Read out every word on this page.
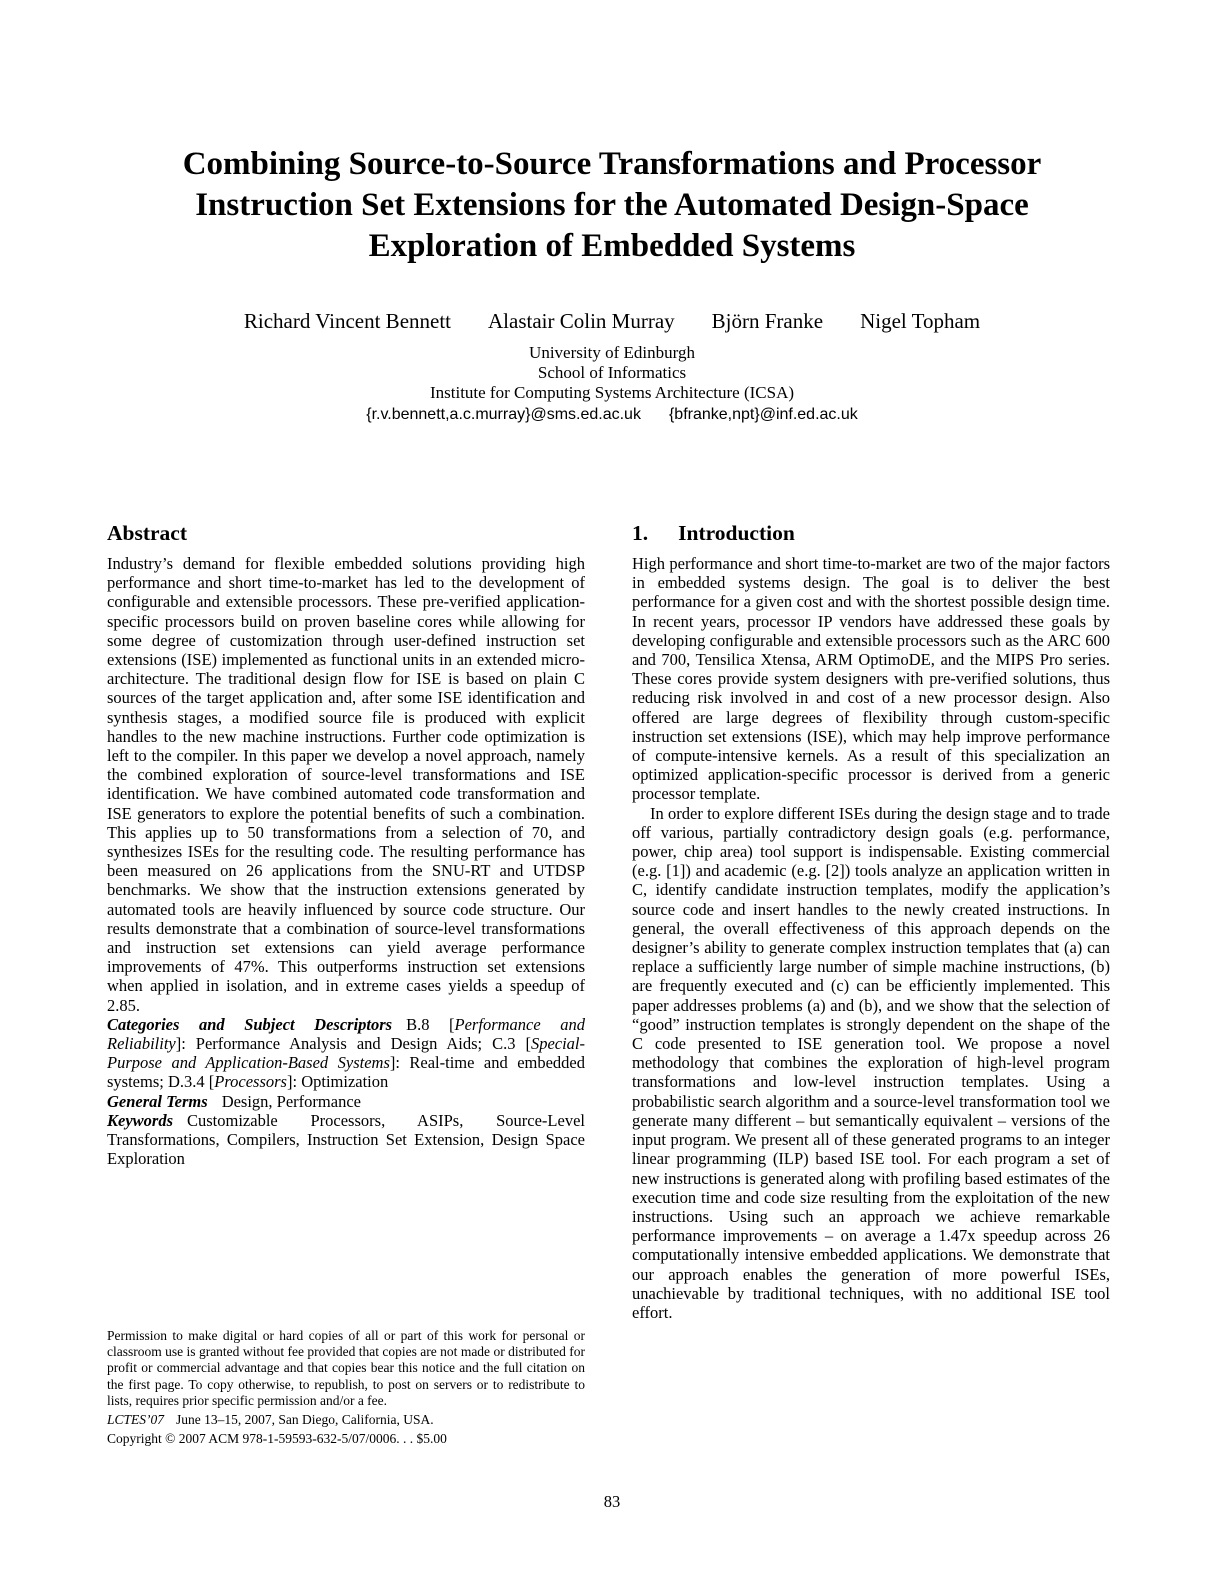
Combining Source-to-Source Transformations and Processor Instruction Set Extensions for the Automated Design-Space Exploration of Embedded Systems
Richard Vincent Bennett Alastair Colin Murray Björn Franke Nigel Topham
University of Edinburgh
School of Informatics
Institute for Computing Systems Architecture (ICSA)
{r.v.bennett,a.c.murray}@sms.ed.ac.uk {bfranke,npt}@inf.ed.ac.uk
Abstract

Industry’s demand for flexible embedded solutions providing high performance and short time-to-market has led to the development of configurable and extensible processors. These pre-verified application-specific processors build on proven baseline cores while allowing for some degree of customization through user-defined instruction set extensions (ISE) implemented as functional units in an extended micro-architecture. The traditional design flow for ISE is based on plain C sources of the target application and, after some ISE identification and synthesis stages, a modified source file is produced with explicit handles to the new machine instructions. Further code optimization is left to the compiler. In this paper we develop a novel approach, namely the combined exploration of source-level transformations and ISE identification. We have combined automated code transformation and ISE generators to explore the potential benefits of such a combination. This applies up to 50 transformations from a selection of 70, and synthesizes ISEs for the resulting code. The resulting performance has been measured on 26 applications from the SNU-RT and UTDSP benchmarks. We show that the instruction extensions generated by automated tools are heavily influenced by source code structure. Our results demonstrate that a combination of source-level transformations and instruction set extensions can yield average performance improvements of 47%. This outperforms instruction set extensions when applied in isolation, and in extreme cases yields a speedup of 2.85.

Categories and Subject Descriptors B.8 [Performance and Reliability]: Performance Analysis and Design Aids; C.3 [Special-Purpose and Application-Based Systems]: Real-time and embedded systems; D.3.4 [Processors]: Optimization

General Terms Design, Performance

Keywords Customizable Processors, ASIPs, Source-Level Transformations, Compilers, Instruction Set Extension, Design Space Exploration

1. Introduction

High performance and short time-to-market are two of the major factors in embedded systems design. The goal is to deliver the best performance for a given cost and with the shortest possible design time. In recent years, processor IP vendors have addressed these goals by developing configurable and extensible processors such as the ARC 600 and 700, Tensilica Xtensa, ARM OptimoDE, and the MIPS Pro series. These cores provide system designers with pre-verified solutions, thus reducing risk involved in and cost of a new processor design. Also offered are large degrees of flexibility through custom-specific instruction set extensions (ISE), which may help improve performance of compute-intensive kernels. As a result of this specialization an optimized application-specific processor is derived from a generic processor template.

In order to explore different ISEs during the design stage and to trade off various, partially contradictory design goals (e.g. performance, power, chip area) tool support is indispensable. Existing commercial (e.g. [1]) and academic (e.g. [2]) tools analyze an application written in C, identify candidate instruction templates, modify the application’s source code and insert handles to the newly created instructions. In general, the overall effectiveness of this approach depends on the designer’s ability to generate complex instruction templates that (a) can replace a sufficiently large number of simple machine instructions, (b) are frequently executed and (c) can be efficiently implemented. This paper addresses problems (a) and (b), and we show that the selection of “good” instruction templates is strongly dependent on the shape of the C code presented to ISE generation tool. We propose a novel methodology that combines the exploration of high-level program transformations and low-level instruction templates. Using a probabilistic search algorithm and a source-level transformation tool we generate many different – but semantically equivalent – versions of the input program. We present all of these generated programs to an integer linear programming (ILP) based ISE tool. For each program a set of new instructions is generated along with profiling based estimates of the execution time and code size resulting from the exploitation of the new instructions. Using such an approach we achieve remarkable performance improvements – on average a 1.47x speedup across 26 computationally intensive embedded applications. We demonstrate that our approach enables the generation of more powerful ISEs, unachievable by traditional techniques, with no additional ISE tool effort.

Permission to make digital or hard copies of all or part of this work for personal or classroom use is granted without fee provided that copies are not made or distributed for profit or commercial advantage and that copies bear this notice and the full citation on the first page. To copy otherwise, to republish, to post on servers or to redistribute to lists, requires prior specific permission and/or a fee.

LCTES’07 June 13–15, 2007, San Diego, California, USA.

Copyright © 2007 ACM 978-1-59593-632-5/07/0006. . . $5.00

83
